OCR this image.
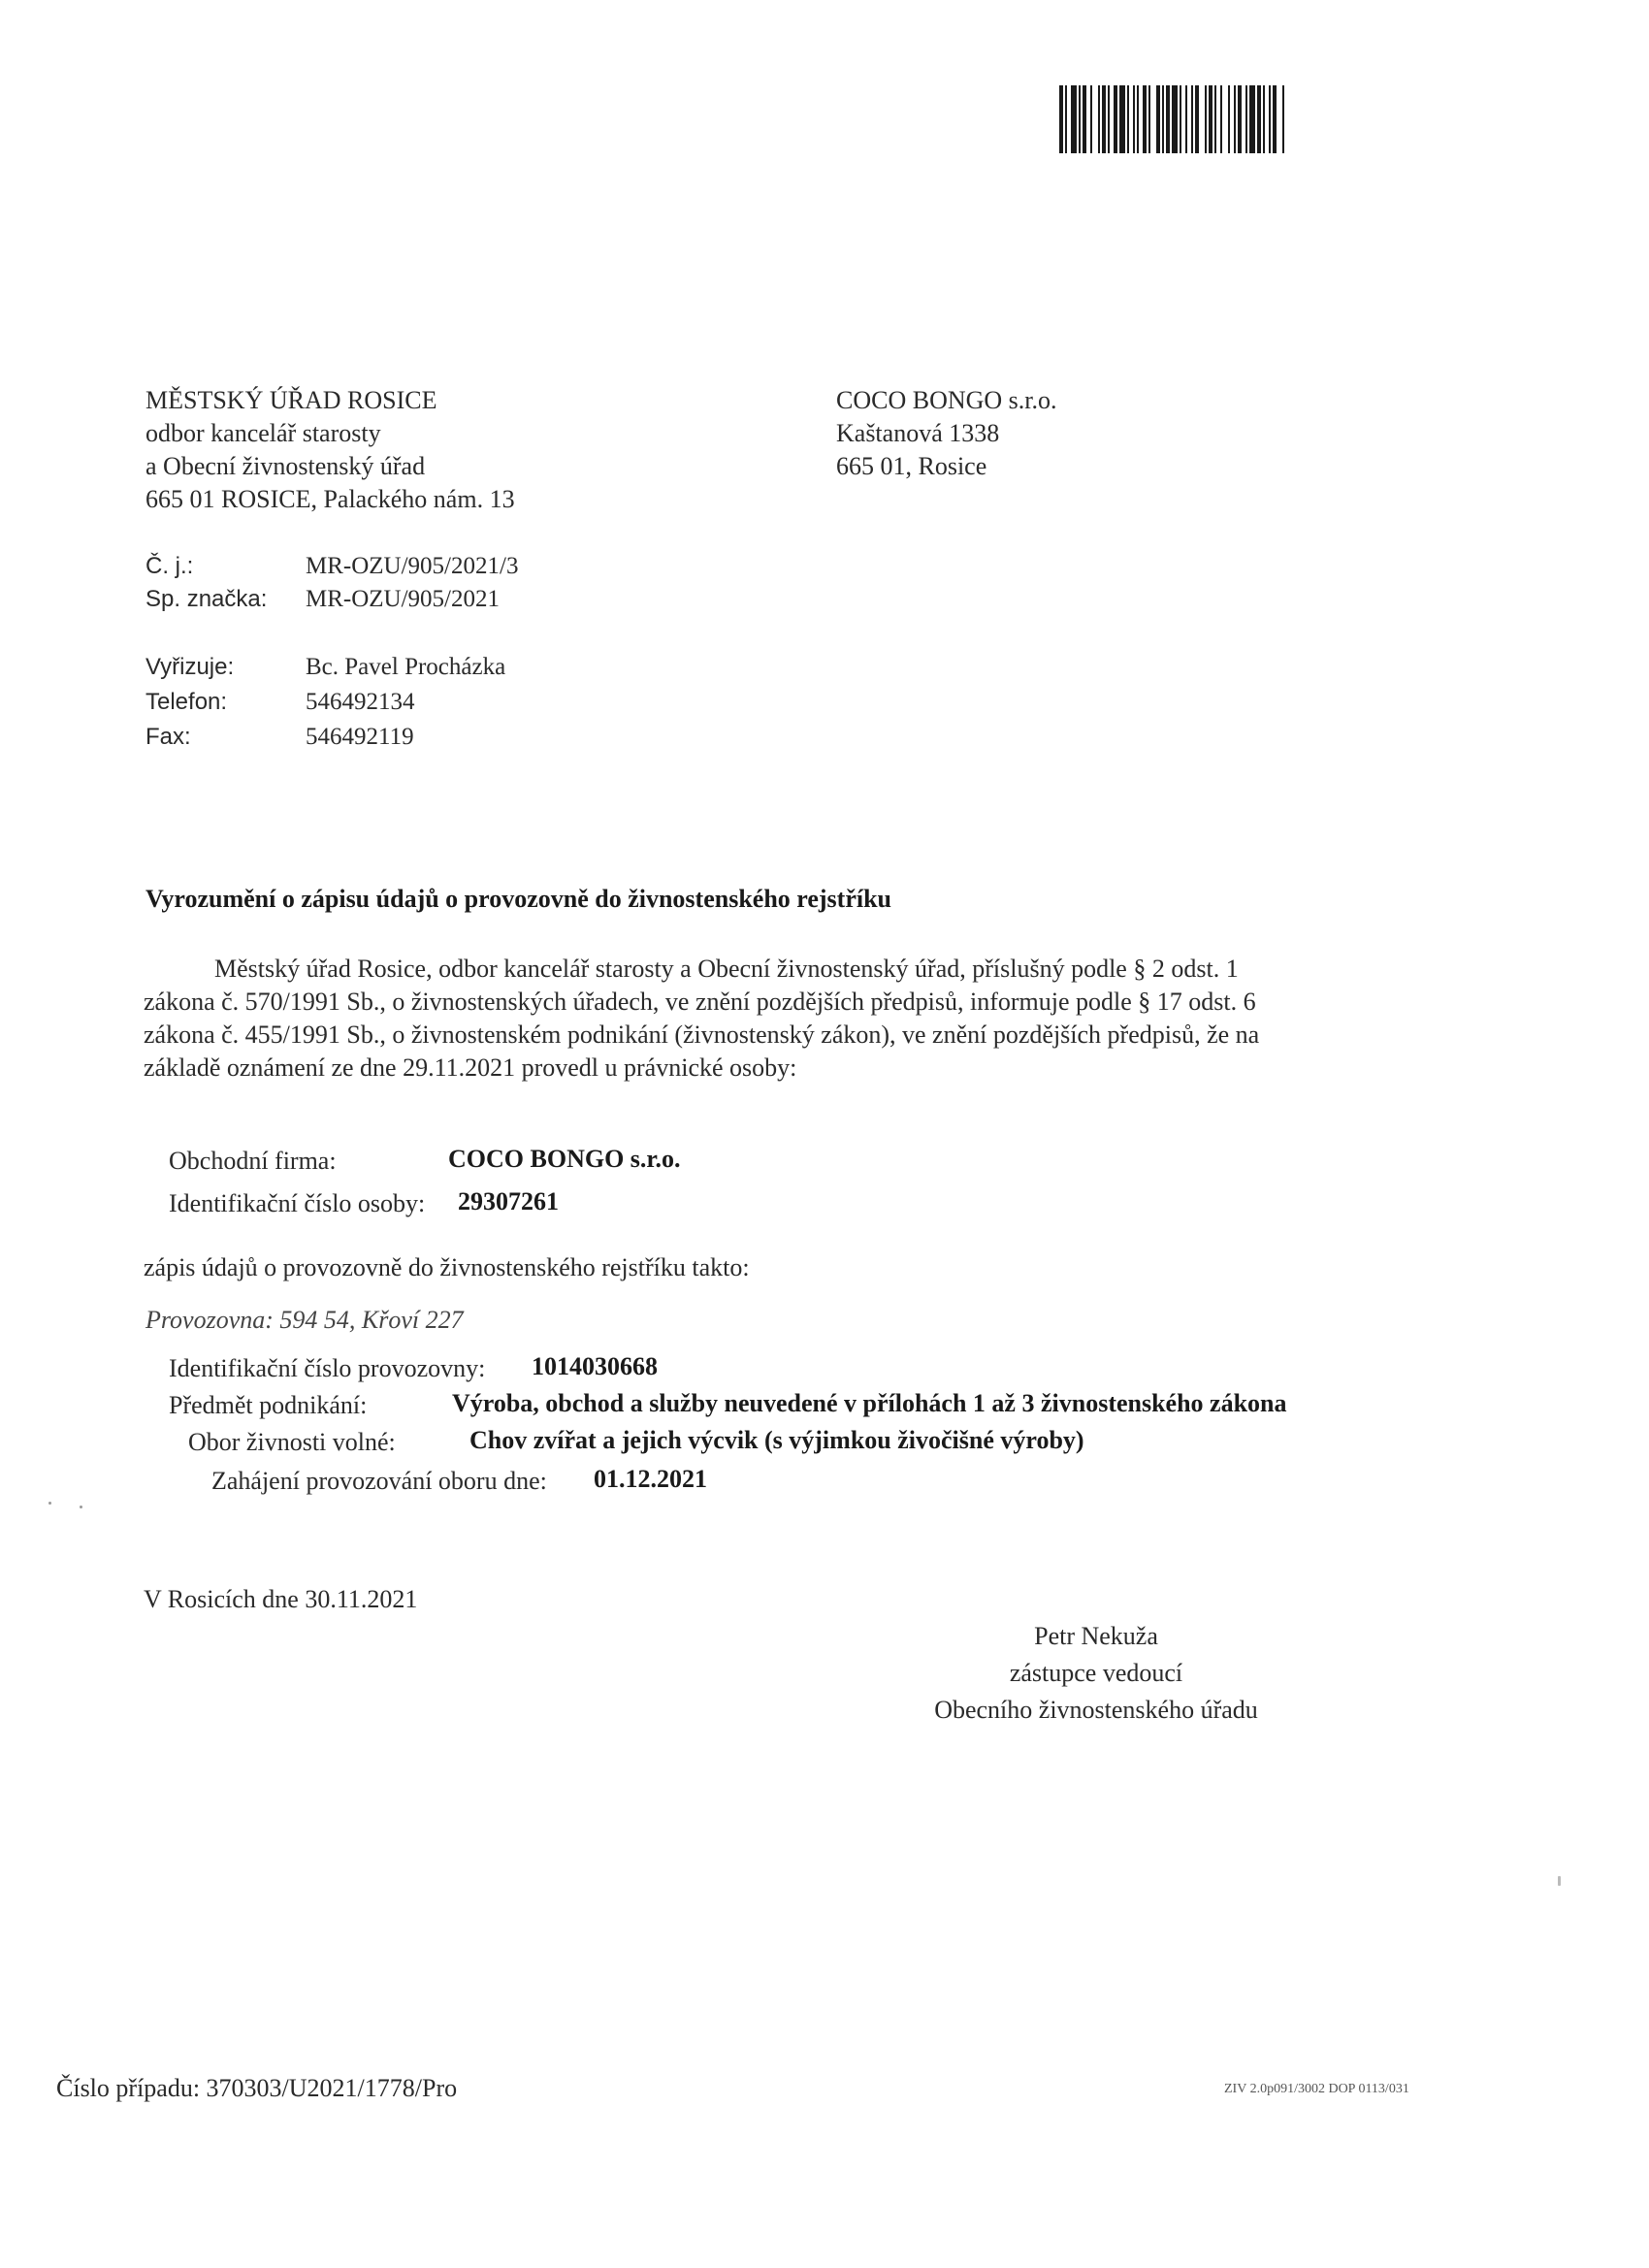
MĚSTSKÝ ÚŘAD ROSICE
odbor kancelář starosty
a Obecní živnostenský úřad
665 01 ROSICE, Palackého nám. 13
COCO BONGO s.r.o.
Kaštanová 1338
665 01, Rosice
Č. j.:	MR-OZU/905/2021/3
Sp. značka: MR-OZU/905/2021
Vyřizuje:	Bc. Pavel Procházka
Telefon:	546492134
Fax:	546492119
Vyrozumění o zápisu údajů o provozovně do živnostenského rejstříku
Městský úřad Rosice, odbor kancelář starosty a Obecní živnostenský úřad, příslušný podle § 2 odst. 1
zákona č. 570/1991 Sb., o živnostenských úřadech, ve znění pozdějších předpisů, informuje podle § 17 odst. 6
zákona č. 455/1991 Sb., o živnostenském podnikání (živnostenský zákon), ve znění pozdějších předpisů, že na
základě oznámení ze dne 29.11.2021 provedl u právnické osoby:
Obchodní firma:	COCO BONGO s.r.o.
Identifikační číslo osoby: 29307261
zápis údajů o provozovně do živnostenského rejstříku takto:
Provozovna: 594 54, Křoví 227
Identifikační číslo provozovny: 1014030668
Předmět podnikání:	Výroba, obchod a služby neuvedené v přílohách 1 až 3 živnostenského zákona
Obor živnosti volné:	Chov zvířat a jejich výcvik (s výjimkou živočišné výroby)
Zahájení provozování oboru dne: 01.12.2021
V Rosicích dne 30.11.2021
Petr Nekuža
zástupce vedoucí
Obecního živnostenského úřadu
Číslo případu: 370303/U2021/1778/Pro	ZIV 2.0p091/3002 DOP 0113/031
